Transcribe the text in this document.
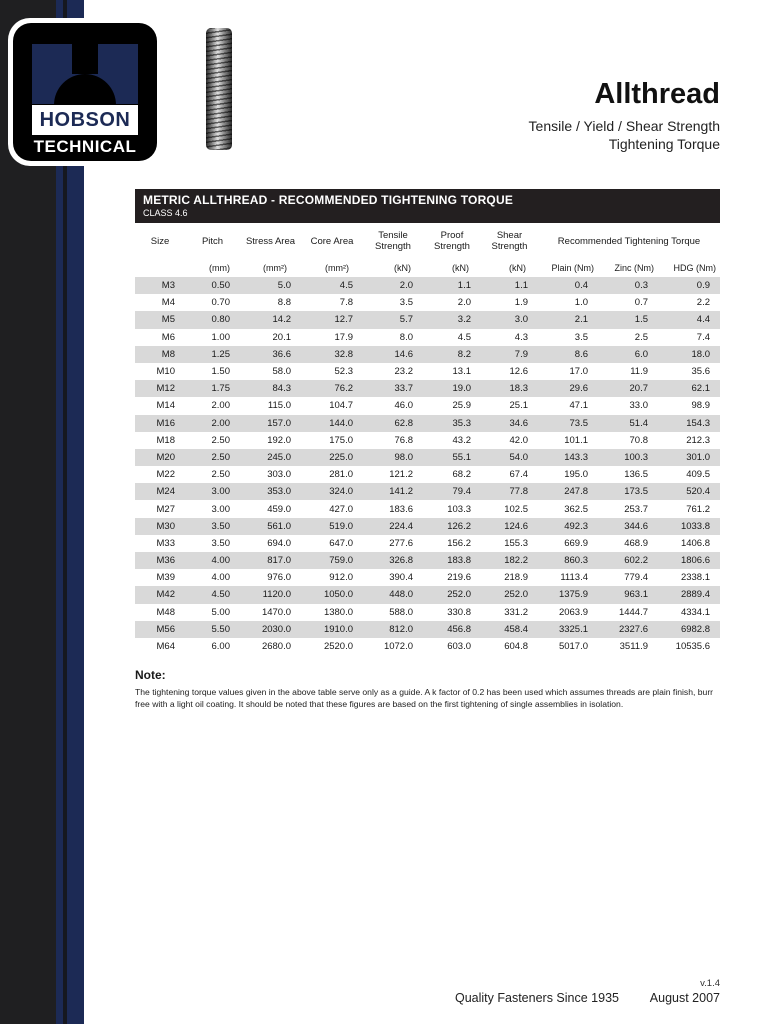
HOBSON
TECHNICAL
Allthread
Tensile / Yield / Shear Strength
Tightening Torque
METRIC ALLTHREAD - RECOMMENDED TIGHTENING TORQUE
CLASS 4.6
Size	Pitch	Stress Area	Core Area	Tensile Strength	Proof Strength	Shear Strength	Recommended Tightening Torque		
	(mm)	(mm²)	(mm²)	(kN)	(kN)	(kN)	Plain (Nm)	Zinc (Nm)	HDG (Nm)
M3	0.50	5.0	4.5	2.0	1.1	1.1	0.4	0.3	0.9
M4	0.70	8.8	7.8	3.5	2.0	1.9	1.0	0.7	2.2
M5	0.80	14.2	12.7	5.7	3.2	3.0	2.1	1.5	4.4
M6	1.00	20.1	17.9	8.0	4.5	4.3	3.5	2.5	7.4
M8	1.25	36.6	32.8	14.6	8.2	7.9	8.6	6.0	18.0
M10	1.50	58.0	52.3	23.2	13.1	12.6	17.0	11.9	35.6
M12	1.75	84.3	76.2	33.7	19.0	18.3	29.6	20.7	62.1
M14	2.00	115.0	104.7	46.0	25.9	25.1	47.1	33.0	98.9
M16	2.00	157.0	144.0	62.8	35.3	34.6	73.5	51.4	154.3
M18	2.50	192.0	175.0	76.8	43.2	42.0	101.1	70.8	212.3
M20	2.50	245.0	225.0	98.0	55.1	54.0	143.3	100.3	301.0
M22	2.50	303.0	281.0	121.2	68.2	67.4	195.0	136.5	409.5
M24	3.00	353.0	324.0	141.2	79.4	77.8	247.8	173.5	520.4
M27	3.00	459.0	427.0	183.6	103.3	102.5	362.5	253.7	761.2
M30	3.50	561.0	519.0	224.4	126.2	124.6	492.3	344.6	1033.8
M33	3.50	694.0	647.0	277.6	156.2	155.3	669.9	468.9	1406.8
M36	4.00	817.0	759.0	326.8	183.8	182.2	860.3	602.2	1806.6
M39	4.00	976.0	912.0	390.4	219.6	218.9	1113.4	779.4	2338.1
M42	4.50	1120.0	1050.0	448.0	252.0	252.0	1375.9	963.1	2889.4
M48	5.00	1470.0	1380.0	588.0	330.8	331.2	2063.9	1444.7	4334.1
M56	5.50	2030.0	1910.0	812.0	456.8	458.4	3325.1	2327.6	6982.8
M64	6.00	2680.0	2520.0	1072.0	603.0	604.8	5017.0	3511.9	10535.6
Note:
The tightening torque values given in the above table serve only as a guide. A k factor of 0.2 has been used which assumes threads are plain finish, burr free with a light oil coating. It should be noted that these figures are based on the first tightening of single assemblies in isolation.
v.1.4
Quality Fasteners Since 1935 August 2007
